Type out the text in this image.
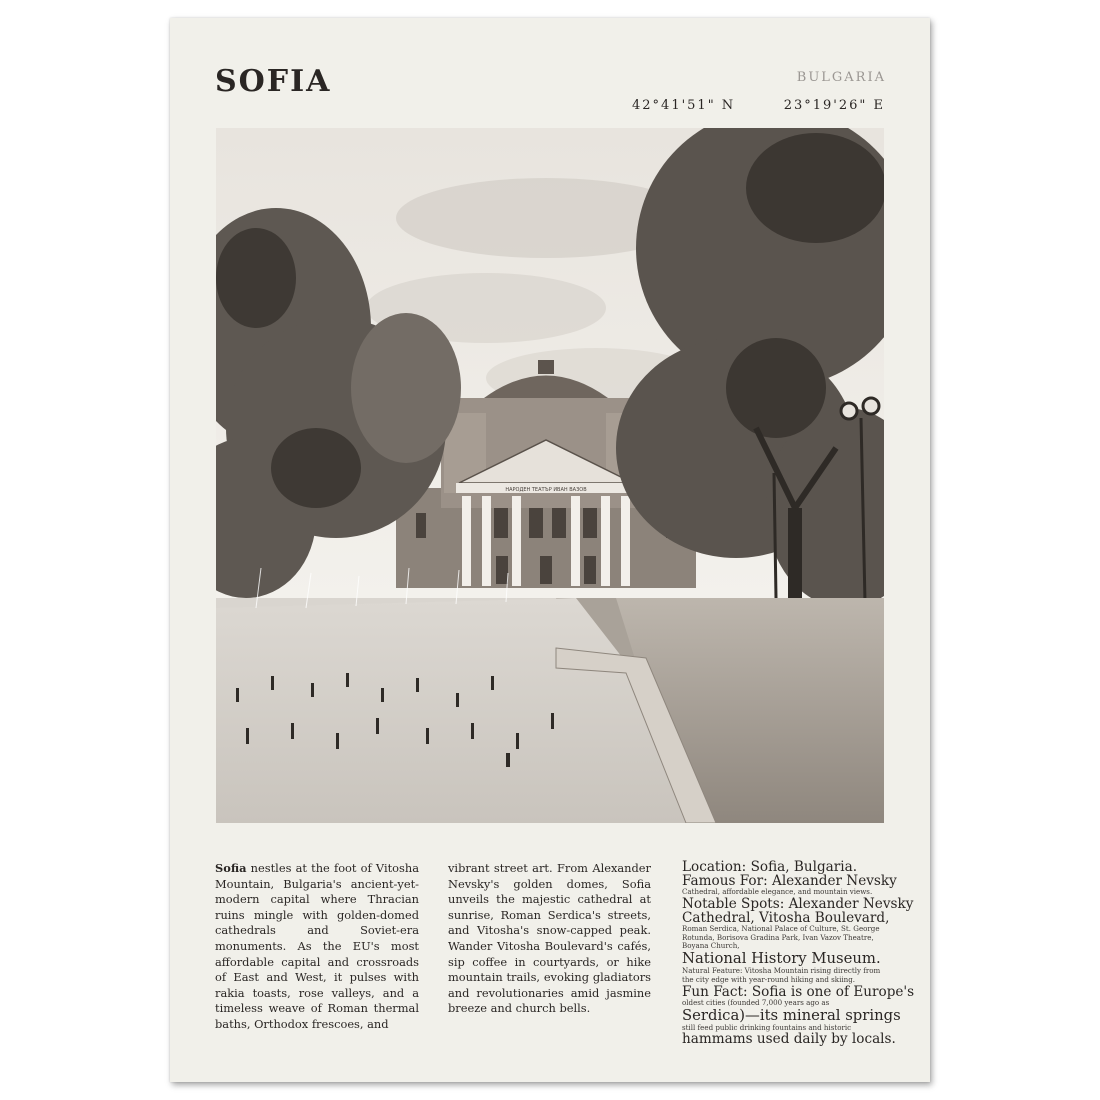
SOFIA	BULGARIA
42°41'51" N	23°19'26" E
НАРОДЕН ТЕАТЪР ИВАН ВАЗОВ
Sofia nestles at the foot of Vitosha Mountain, Bulgaria's ancient-yet-modern capital where Thracian ruins mingle with golden-domed cathedrals and Soviet-era monuments. As the EU's most affordable capital and crossroads of East and West, it pulses with rakia toasts, rose valleys, and a timeless weave of Roman thermal baths, Orthodox frescoes, and
vibrant street art. From Alexander Nevsky's golden domes, Sofia unveils the majestic cathedral at sunrise, Roman Serdica's streets, and Vitosha's snow-capped peak. Wander Vitosha Boulevard's cafés, sip coffee in courtyards, or hike mountain trails, evoking gladiators and revolutionaries amid jasmine breeze and church bells.
Location: Sofia, Bulgaria.
Famous For: Alexander Nevsky
Cathedral, affordable elegance, and mountain views.
Notable Spots: Alexander Nevsky
Cathedral, Vitosha Boulevard,
Roman Serdica, National Palace of Culture, St. George Rotunda, Borisova Gradina Park, Ivan Vazov Theatre, Boyana Church,
National History Museum.
Natural Feature: Vitosha Mountain rising directly from the city edge with year-round hiking and skiing.
Fun Fact: Sofia is one of Europe's
oldest cities (founded 7,000 years ago as
Serdica)—its mineral springs
still feed public drinking fountains and historic
hammams used daily by locals.
